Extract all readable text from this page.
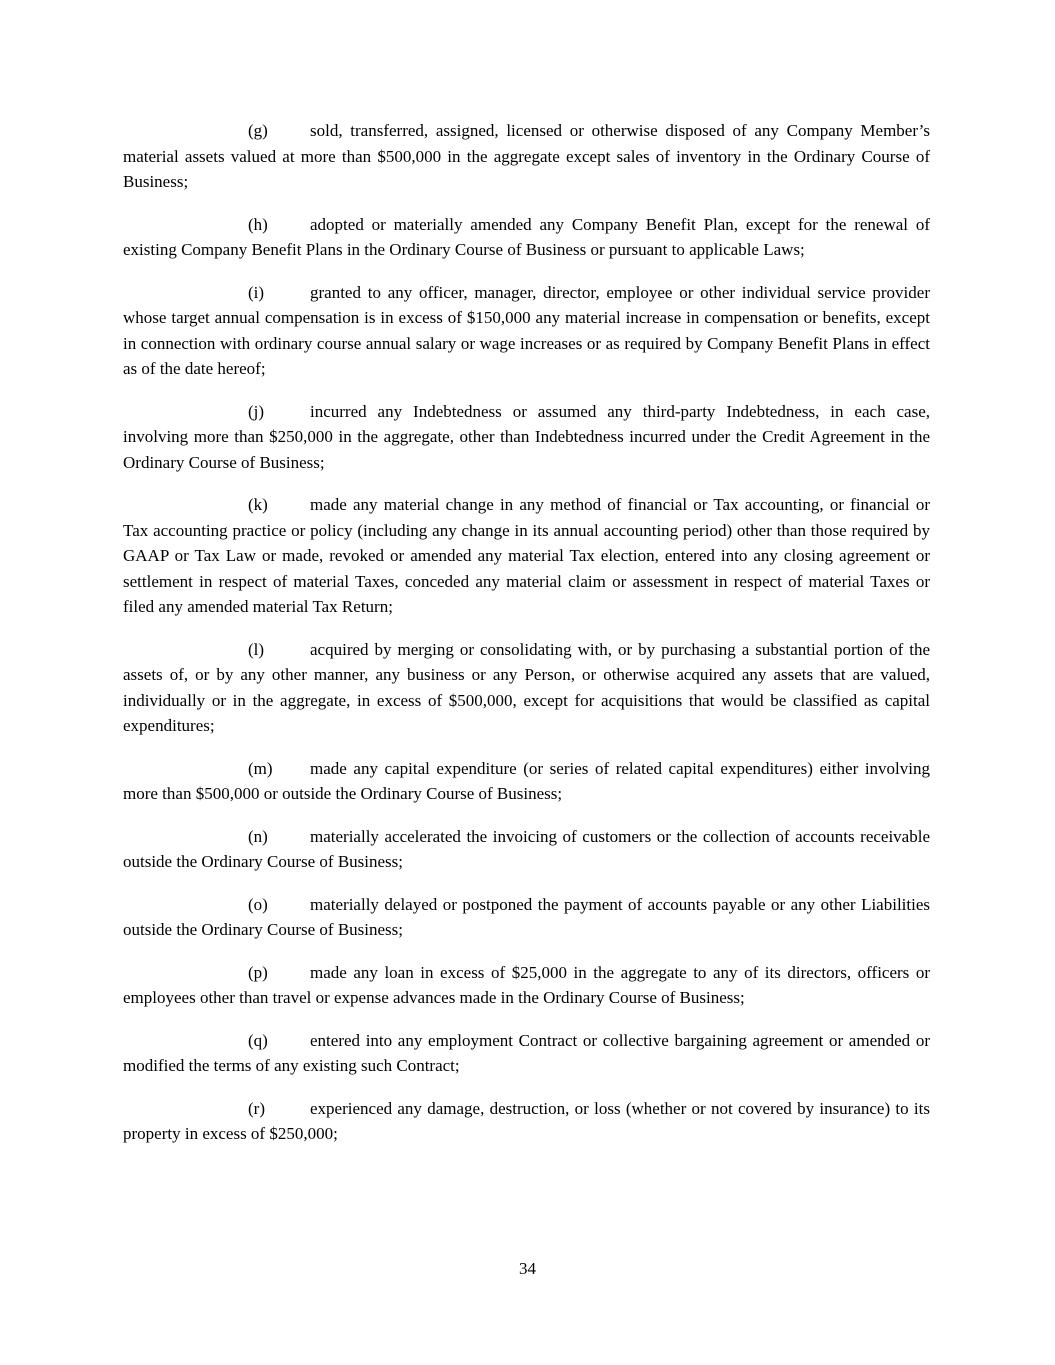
(g) sold, transferred, assigned, licensed or otherwise disposed of any Company Member’s material assets valued at more than $500,000 in the aggregate except sales of inventory in the Ordinary Course of Business;

(h) adopted or materially amended any Company Benefit Plan, except for the renewal of existing Company Benefit Plans in the Ordinary Course of Business or pursuant to applicable Laws;

(i)	granted to any officer, manager, director, employee or other individual service provider whose target annual compensation is in excess of $150,000 any material increase in compensation or benefits, except in connection with ordinary course annual salary or wage increases or as required by Company Benefit Plans in effect as of the date hereof;

(j)	incurred any Indebtedness or assumed any third-party Indebtedness, in each case, involving more than $250,000 in the aggregate, other than Indebtedness incurred under the Credit Agreement in the Ordinary Course of Business;

(k) made any material change in any method of financial or Tax accounting, or financial or Tax accounting practice or policy (including any change in its annual accounting period) other than those required by GAAP or Tax Law or made, revoked or amended any material Tax election, entered into any closing agreement or settlement in respect of material Taxes, conceded any material claim or assessment in respect of material Taxes or filed any amended material Tax Return;

(l)	acquired by merging or consolidating with, or by purchasing a substantial portion of the assets of, or by any other manner, any business or any Person, or otherwise acquired any assets that are valued, individually or in the aggregate, in excess of $500,000, except for acquisitions that would be classified as capital expenditures;

(m) made any capital expenditure (or series of related capital expenditures) either involving more than $500,000 or outside the Ordinary Course of Business;

(n) materially accelerated the invoicing of customers or the collection of accounts receivable outside the Ordinary Course of Business;

(o) materially delayed or postponed the payment of accounts payable or any other Liabilities outside the Ordinary Course of Business;

(p) made any loan in excess of $25,000 in the aggregate to any of its directors, officers or employees other than travel or expense advances made in the Ordinary Course of Business;

(q) entered into any employment Contract or collective bargaining agreement or amended or modified the terms of any existing such Contract;

(r)	experienced any damage, destruction, or loss (whether or not covered by insurance) to its property in excess of $250,000;

34
